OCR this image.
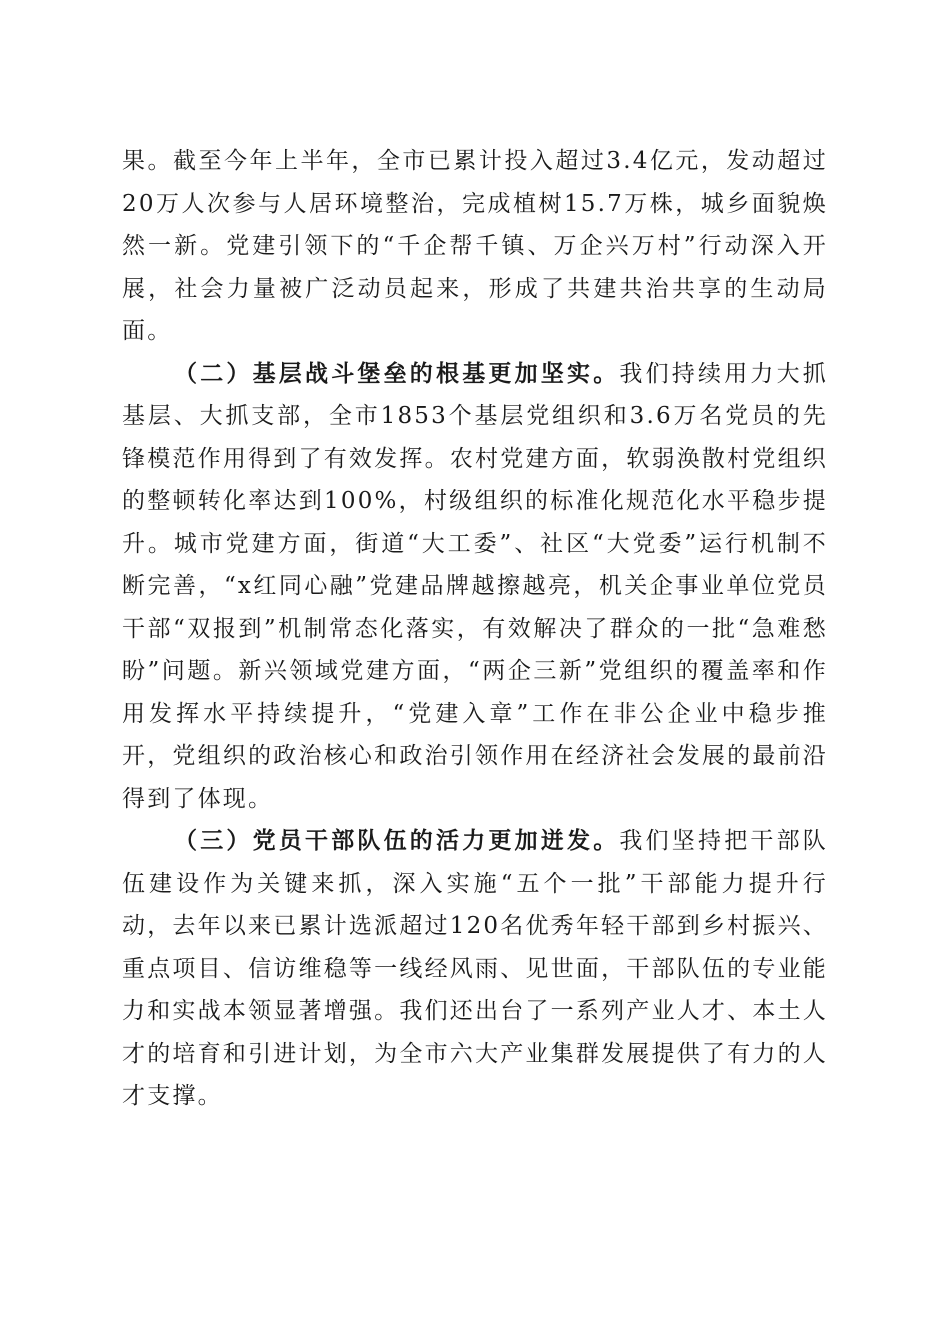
果。截至今年上半年，全市已累计投入超过3.4亿元，发动超过20万人次参与人居环境整治，完成植树15.7万株，城乡面貌焕然一新。党建引领下的“千企帮千镇、万企兴万村”行动深入开展，社会力量被广泛动员起来，形成了共建共治共享的生动局面。

（二）基层战斗堡垒的根基更加坚实。我们持续用力大抓基层、大抓支部，全市1853个基层党组织和3.6万名党员的先锋模范作用得到了有效发挥。农村党建方面，软弱涣散村党组织的整顿转化率达到100%，村级组织的标准化规范化水平稳步提升。城市党建方面，街道“大工委”、社区“大党委”运行机制不断完善，“x红同心融”党建品牌越擦越亮，机关企事业单位党员干部“双报到”机制常态化落实，有效解决了群众的一批“急难愁盼”问题。新兴领域党建方面，“两企三新”党组织的覆盖率和作用发挥水平持续提升，“党建入章”工作在非公企业中稳步推开，党组织的政治核心和政治引领作用在经济社会发展的最前沿得到了体现。

（三）党员干部队伍的活力更加迸发。我们坚持把干部队伍建设作为关键来抓，深入实施“五个一批”干部能力提升行动，去年以来已累计选派超过120名优秀年轻干部到乡村振兴、重点项目、信访维稳等一线经风雨、见世面，干部队伍的专业能力和实战本领显著增强。我们还出台了一系列产业人才、本土人才的培育和引进计划，为全市六大产业集群发展提供了有力的人才支撑。
